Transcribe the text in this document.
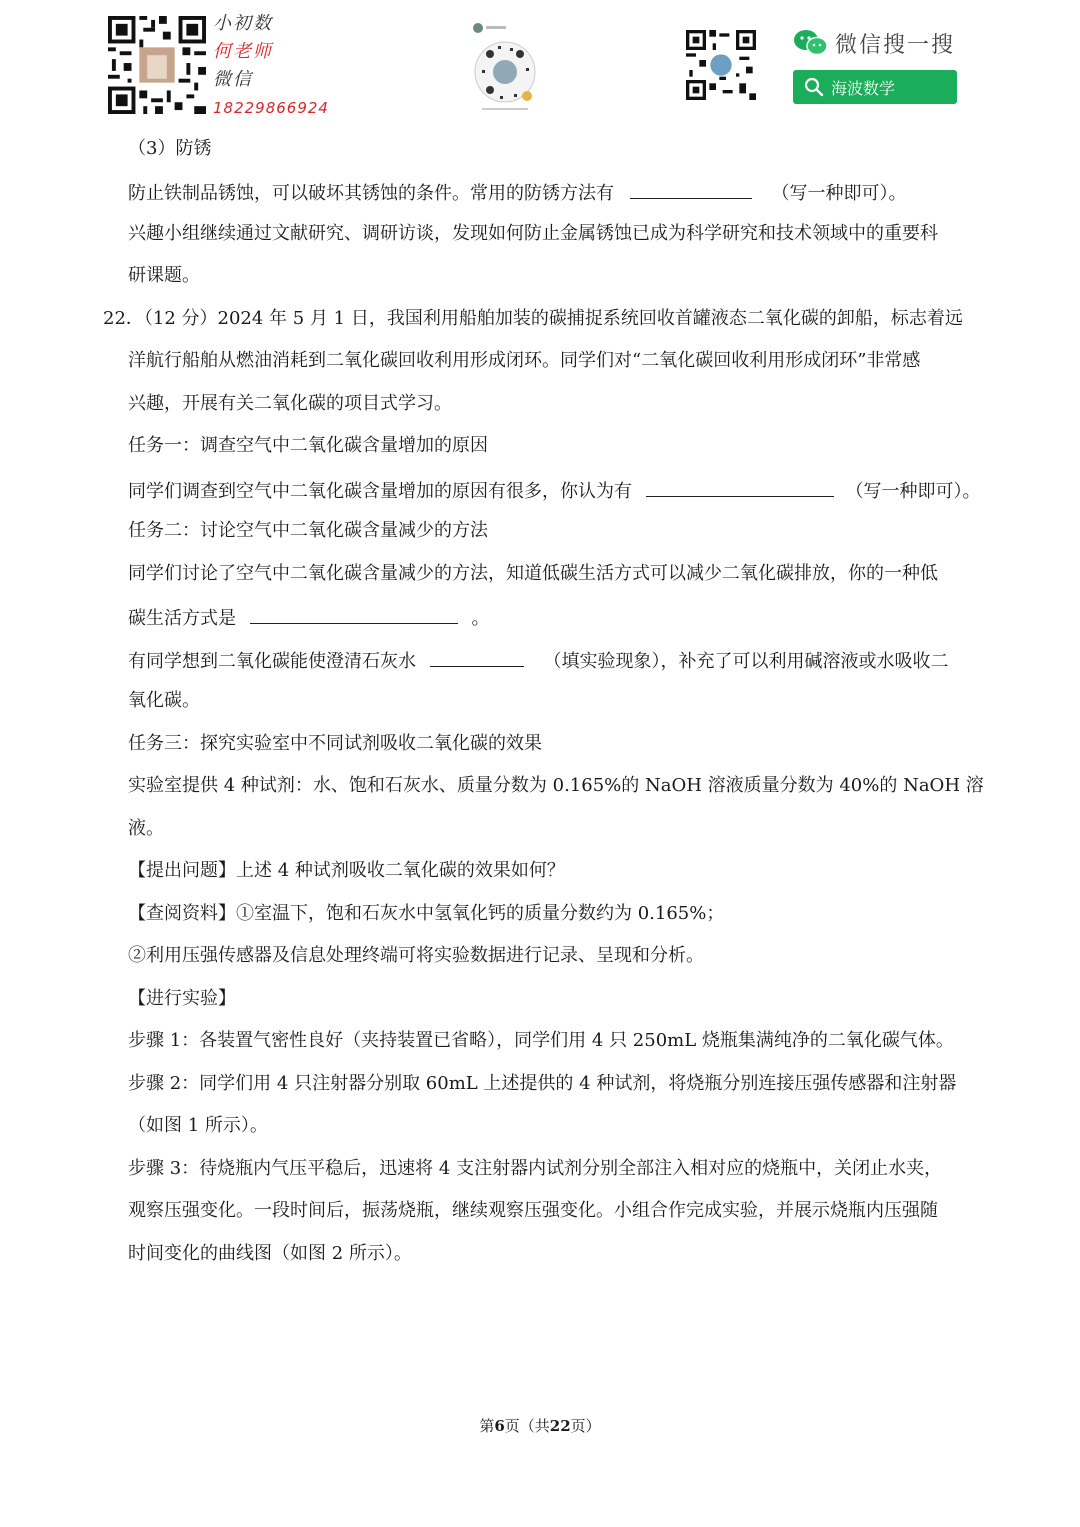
小初数
何老师
微信
18229866924
微信搜一搜
海波数学
（3）防锈
防止铁制品锈蚀，可以破坏其锈蚀的条件。常用的防锈方法有	（写一种即可）。
兴趣小组继续通过文献研究、调研访谈，发现如何防止金属锈蚀已成为科学研究和技术领域中的重要科
研课题。
22．（12 分）2024 年 5 月 1 日，我国利用船舶加装的碳捕捉系统回收首罐液态二氧化碳的卸船，标志着远
洋航行船舶从燃油消耗到二氧化碳回收利用形成闭环。同学们对“二氧化碳回收利用形成闭环”非常感
兴趣，开展有关二氧化碳的项目式学习。
任务一：调查空气中二氧化碳含量增加的原因
同学们调查到空气中二氧化碳含量增加的原因有很多，你认为有	（写一种即可）。
任务二：讨论空气中二氧化碳含量减少的方法
同学们讨论了空气中二氧化碳含量减少的方法，知道低碳生活方式可以减少二氧化碳排放，你的一种低
碳生活方式是	。
有同学想到二氧化碳能使澄清石灰水	（填实验现象），补充了可以利用碱溶液或水吸收二
氧化碳。
任务三：探究实验室中不同试剂吸收二氧化碳的效果
实验室提供 4 种试剂：水、饱和石灰水、质量分数为 0.165%的 NaOH 溶液质量分数为 40%的 NaOH 溶
液。
【提出问题】上述 4 种试剂吸收二氧化碳的效果如何？
【查阅资料】①室温下，饱和石灰水中氢氧化钙的质量分数约为 0.165%；
②利用压强传感器及信息处理终端可将实验数据进行记录、呈现和分析。
【进行实验】
步骤 1：各装置气密性良好（夹持装置已省略），同学们用 4 只 250mL 烧瓶集满纯净的二氧化碳气体。
步骤 2：同学们用 4 只注射器分别取 60mL 上述提供的 4 种试剂，将烧瓶分别连接压强传感器和注射器
（如图 1 所示）。
步骤 3：待烧瓶内气压平稳后，迅速将 4 支注射器内试剂分别全部注入相对应的烧瓶中，关闭止水夹，
观察压强变化。一段时间后，振荡烧瓶，继续观察压强变化。小组合作完成实验，并展示烧瓶内压强随
时间变化的曲线图（如图 2 所示）。
第6页（共22页）
